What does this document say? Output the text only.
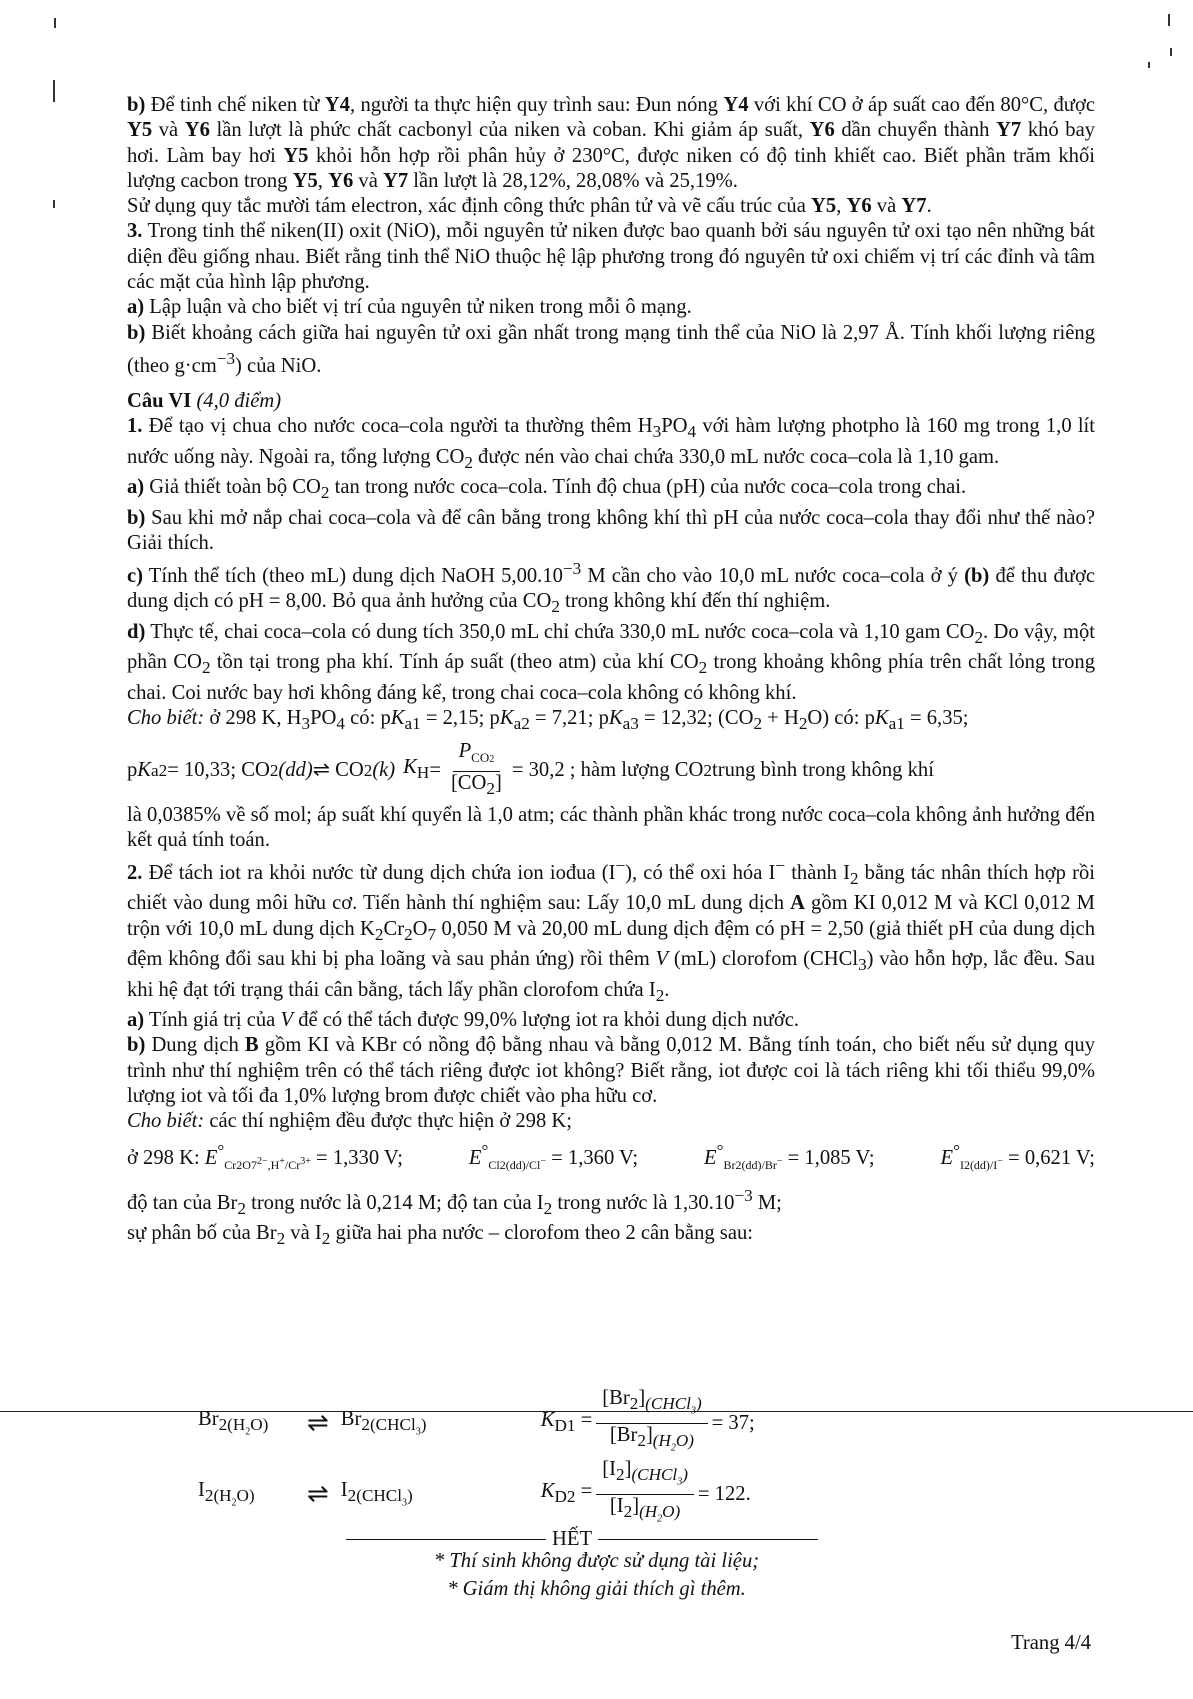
b) Để tinh chế niken từ Y4, người ta thực hiện quy trình sau: Đun nóng Y4 với khí CO ở áp suất cao đến 80°C, được Y5 và Y6 lần lượt là phức chất cacbonyl của niken và coban. Khi giảm áp suất, Y6 dần chuyển thành Y7 khó bay hơi. Làm bay hơi Y5 khỏi hỗn hợp rồi phân hủy ở 230°C, được niken có độ tinh khiết cao. Biết phần trăm khối lượng cacbon trong Y5, Y6 và Y7 lần lượt là 28,12%, 28,08% và 25,19%.

Sử dụng quy tắc mười tám electron, xác định công thức phân tử và vẽ cấu trúc của Y5, Y6 và Y7.

3. Trong tinh thể niken(II) oxit (NiO), mỗi nguyên tử niken được bao quanh bởi sáu nguyên tử oxi tạo nên những bát diện đều giống nhau. Biết rằng tinh thể NiO thuộc hệ lập phương trong đó nguyên tử oxi chiếm vị trí các đỉnh và tâm các mặt của hình lập phương.

a) Lập luận và cho biết vị trí của nguyên tử niken trong mỗi ô mạng.

b) Biết khoảng cách giữa hai nguyên tử oxi gần nhất trong mạng tinh thể của NiO là 2,97 Å. Tính khối lượng riêng (theo $g\cdot cm^{-3}$) của NiO.

Câu VI (4,0 điểm)

1. Để tạo vị chua cho nước coca–cola người ta thường thêm $H_3PO_4$ với hàm lượng photpho là 160 mg trong 1,0 lít nước uống này. Ngoài ra, tổng lượng $CO_2$ được nén vào chai chứa 330,0 mL nước coca–cola là 1,10 gam.

a) Giả thiết toàn bộ $CO_2$ tan trong nước coca–cola. Tính độ chua (pH) của nước coca–cola trong chai.

b) Sau khi mở nắp chai coca–cola và để cân bằng trong không khí thì pH của nước coca–cola thay đổi như thế nào? Giải thích.

c) Tính thể tích (theo mL) dung dịch NaOH $5,00.10^{-3}$ M cần cho vào 10,0 mL nước coca–cola ở ý (b) để thu được dung dịch có pH = 8,00. Bỏ qua ảnh hưởng của $CO_2$ trong không khí đến thí nghiệm.

d) Thực tế, chai coca–cola có dung tích 350,0 mL chỉ chứa 330,0 mL nước coca–cola và 1,10 gam $CO_2$. Do vậy, một phần $CO_2$ tồn tại trong pha khí. Tính áp suất (theo atm) của khí $CO_2$ trong khoảng không phía trên chất lỏng trong chai. Coi nước bay hơi không đáng kể, trong chai coca–cola không có không khí.

Cho biết: ở 298 K, $H_3PO_4$ có: $pK_{a1} = 2,15$; $pK_{a2} = 7,21$; $pK_{a3} = 12,32$; $(CO_2 + H_2O)$ có: $pK_{a1} = 6,35$;

p K a2 = 10,33; CO 2 (dd) ⇌ CO 2 (k) $K_H = \frac{P_{CO2}}{[CO_2]} = 30,2$ ; hàm lượng CO 2 trung bình trong không khí

là 0,0385% về số mol; áp suất khí quyển là 1,0 atm; các thành phần khác trong nước coca–cola không ảnh hưởng đến kết quả tính toán.

2. Để tách iot ra khỏi nước từ dung dịch chứa ion iođua (I−), có thể oxi hóa I− thành $I_2$ bằng tác nhân thích hợp rồi chiết vào dung môi hữu cơ. Tiến hành thí nghiệm sau: Lấy 10,0 mL dung dịch A gồm KI 0,012 M và KCl 0,012 M trộn với 10,0 mL dung dịch $K_2Cr_2O_7$ 0,050 M và 20,00 mL dung dịch đệm có pH = 2,50 (giả thiết pH của dung dịch đệm không đổi sau khi bị pha loãng và sau phản ứng) rồi thêm V (mL) clorofom (CHCl$_3$) vào hỗn hợp, lắc đều. Sau khi hệ đạt tới trạng thái cân bằng, tách lấy phần clorofom chứa $I_2$.

a) Tính giá trị của V để có thể tách được 99,0% lượng iot ra khỏi dung dịch nước.

b) Dung dịch B gồm KI và KBr có nồng độ bằng nhau và bằng 0,012 M. Bằng tính toán, cho biết nếu sử dụng quy trình như thí nghiệm trên có thể tách riêng được iot không? Biết rằng, iot được coi là tách riêng khi tối thiểu 99,0% lượng iot và tối đa 1,0% lượng brom được chiết vào pha hữu cơ.

Cho biết: các thí nghiệm đều được thực hiện ở 298 K;

ở 298 K: $E^\circ_{Cr2O7^{2-},H^+/Cr^{3+}} = 1,330$ V;	$E^\circ_{Cl2(dd)/Cl^-} = 1,360$ V;	$E^\circ_{Br2(dd)/Br^-} = 1,085$ V;	$E^\circ_{I2(dd)/I^-} = 0,621$ V;

độ tan của $Br_2$ trong nước là 0,214 M; độ tan của $I_2$ trong nước là $1,30.10^{-3}$ M;

sự phân bố của $Br_2$ và $I_2$ giữa hai pha nước – clorofom theo 2 cân bằng sau:

$Br_{2(H_2O)}$	⇌ $Br_{2(CHCl_3)}$	$K_{D1} = \frac{[Br_2]_{(CHCl_3)}}{[Br_2]_{(H_2O)}} = 37$;
$I_{2(H_2O)}$	⇌ $I_{2(CHCl_3)}$	$K_{D2} = \frac{[I_2]_{(CHCl_3)}}{[I_2]_{(H_2O)}} = 122$.
HẾT
* Thí sinh không được sử dụng tài liệu;
* Giám thị không giải thích gì thêm.
Trang 4/4
